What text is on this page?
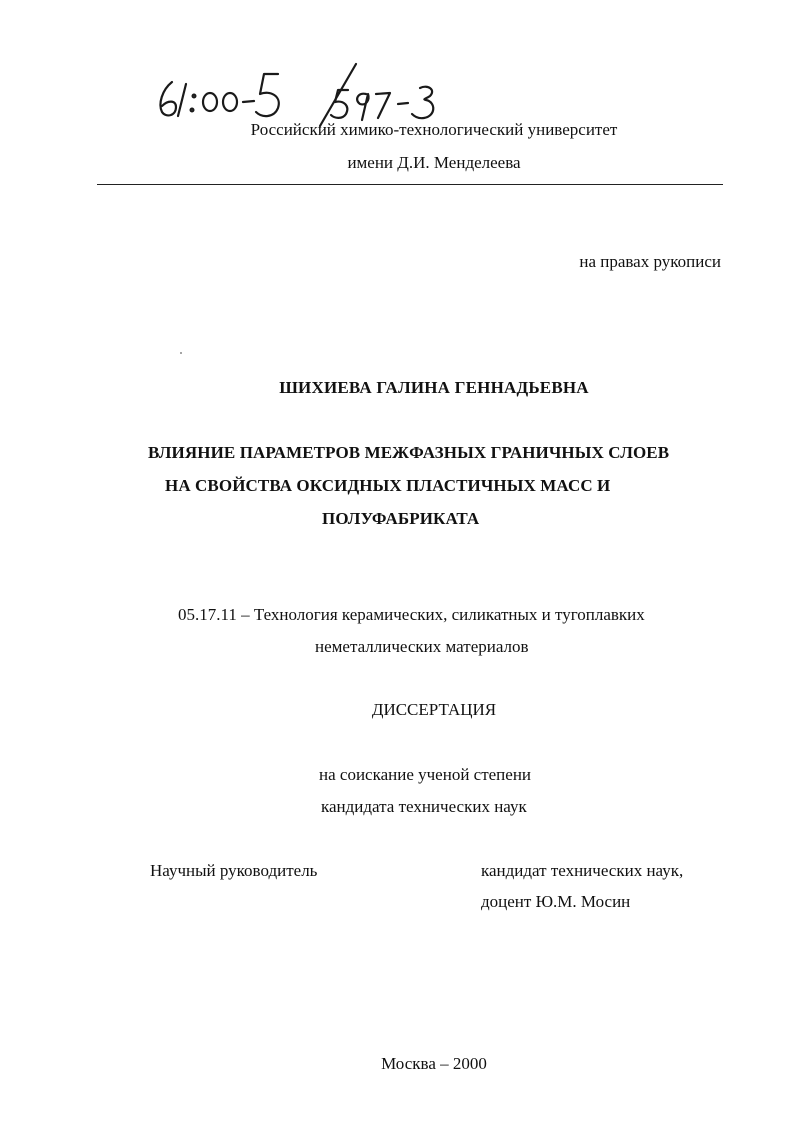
Российский химико-технологический университет
имени Д.И. Менделеева
на правах рукописи
ШИХИЕВА ГАЛИНА ГЕННАДЬЕВНА
ВЛИЯНИЕ ПАРАМЕТРОВ МЕЖФАЗНЫХ ГРАНИЧНЫХ СЛОЕВ
НА СВОЙСТВА ОКСИДНЫХ ПЛАСТИЧНЫХ МАСС И
ПОЛУФАБРИКАТА
05.17.11 – Технология керамических, силикатных и тугоплавких
неметаллических материалов
ДИССЕРТАЦИЯ
на соискание ученой степени
кандидата технических наук
Научный руководитель	кандидат технических наук,
доцент Ю.М. Мосин
Москва – 2000
